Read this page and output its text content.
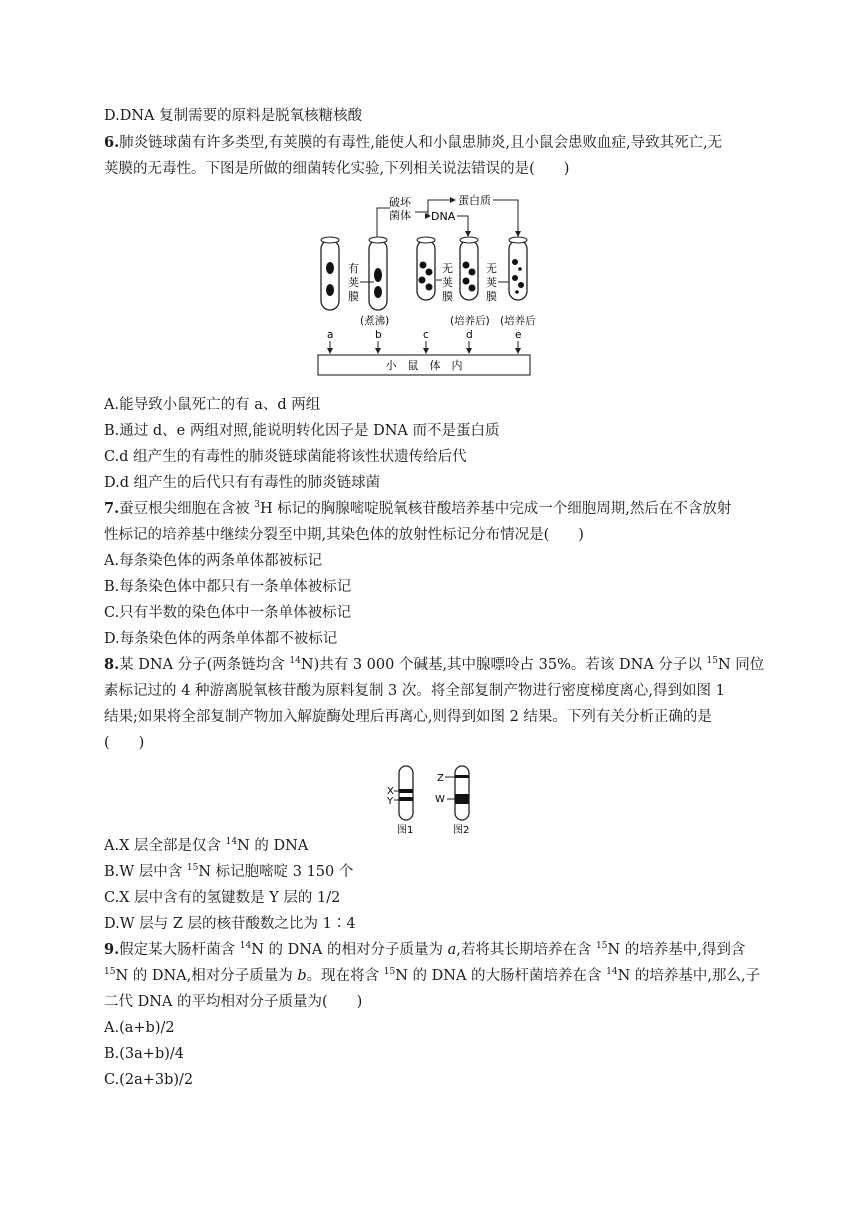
D.DNA 复制需要的原料是脱氧核糖核酸
6.肺炎链球菌有许多类型,有荚膜的有毒性,能使人和小鼠患肺炎,且小鼠会患败血症,导致其死亡,无
荚膜的无毒性。下图是所做的细菌转化实验,下列相关说法错误的是(　　)
破坏
菌体
蛋白质
DNA
有
荚
膜
无
荚
膜
无
荚
膜
(煮沸)	(培养后) (培养后)
a	b	c	d	e
小　鼠　体　内
A.能导致小鼠死亡的有 a、d 两组
B.通过 d、e 两组对照,能说明转化因子是 DNA 而不是蛋白质
C.d 组产生的有毒性的肺炎链球菌能将该性状遗传给后代
D.d 组产生的后代只有有毒性的肺炎链球菌
7.蚕豆根尖细胞在含被 $^3$H 标记的胸腺嘧啶脱氧核苷酸培养基中完成一个细胞周期,然后在不含放射
性标记的培养基中继续分裂至中期,其染色体的放射性标记分布情况是(　　)
A.每条染色体的两条单体都被标记
B.每条染色体中都只有一条单体被标记
C.只有半数的染色体中一条单体被标记
D.每条染色体的两条单体都不被标记
8.某 DNA 分子(两条链均含 $^{14}$N)共有 3 000 个碱基,其中腺嘌呤占 35%。若该 DNA 分子以 $^{15}$N 同位
素标记过的 4 种游离脱氧核苷酸为原料复制 3 次。将全部复制产物进行密度梯度离心,得到如图 1
结果;如果将全部复制产物加入解旋酶处理后再离心,则得到如图 2 结果。下列有关分析正确的是
(　　)
X
Y
Z
W
图1	图2
A.X 层全部是仅含 $^{14}$N 的 DNA
B.W 层中含 $^{15}$N 标记胞嘧啶 3 150 个
C.X 层中含有的氢键数是 Y 层的 1/2
D.W 层与 Z 层的核苷酸数之比为 1∶4
9.假定某大肠杆菌含 $^{14}$N 的 DNA 的相对分子质量为 a,若将其长期培养在含 $^{15}$N 的培养基中,得到含
$^{15}$N 的 DNA,相对分子质量为 b。现在将含 $^{15}$N 的 DNA 的大肠杆菌培养在含 $^{14}$N 的培养基中,那么,子
二代 DNA 的平均相对分子质量为(　　)
A.(a+b)/2
B.(3a+b)/4
C.(2a+3b)/2
